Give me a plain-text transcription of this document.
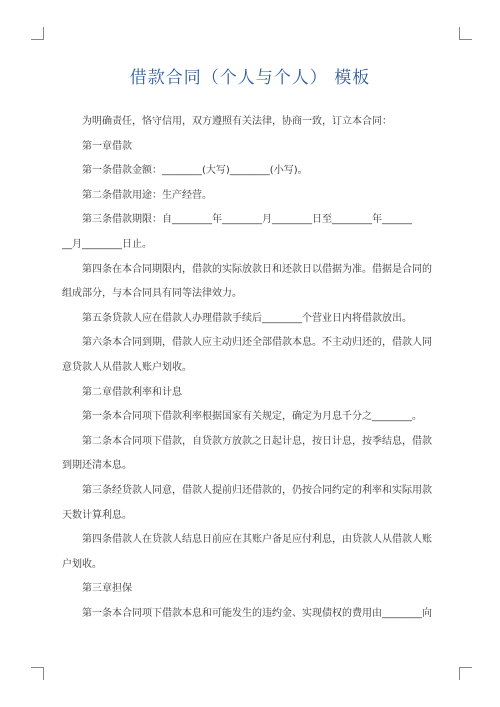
借款合同（个人与个人） 模板

为明确责任，恪守信用，双方遵照有关法律，协商一致，订立本合同：

第一章借款

第一条借款金额：________(大写)________(小写)。

第二条借款用途：生产经营。

第三条借款期限：自________年________月________日至________年______

__月________日止。

第四条在本合同期限内，借款的实际放款日和还款日以借据为准。借据是合同的

组成部分，与本合同具有同等法律效力。

第五条贷款人应在借款人办理借款手续后________个营业日内将借款放出。

第六条本合同到期，借款人应主动归还全部借款本息。不主动归还的，借款人同

意贷款人从借款人账户划收。

第二章借款利率和计息

第一条本合同项下借款利率根据国家有关规定，确定为月息千分之________。

第二条本合同项下借款，自贷款方放款之日起计息，按日计息，按季结息，借款

到期还清本息。

第三条经贷款人同意，借款人提前归还借款的，仍按合同约定的利率和实际用款

天数计算利息。

第四条借款人在贷款人结息日前应在其账户备足应付利息，由贷款人从借款人账

户划收。

第三章担保

第一条本合同项下借款本息和可能发生的违约金、实现债权的费用由________向
